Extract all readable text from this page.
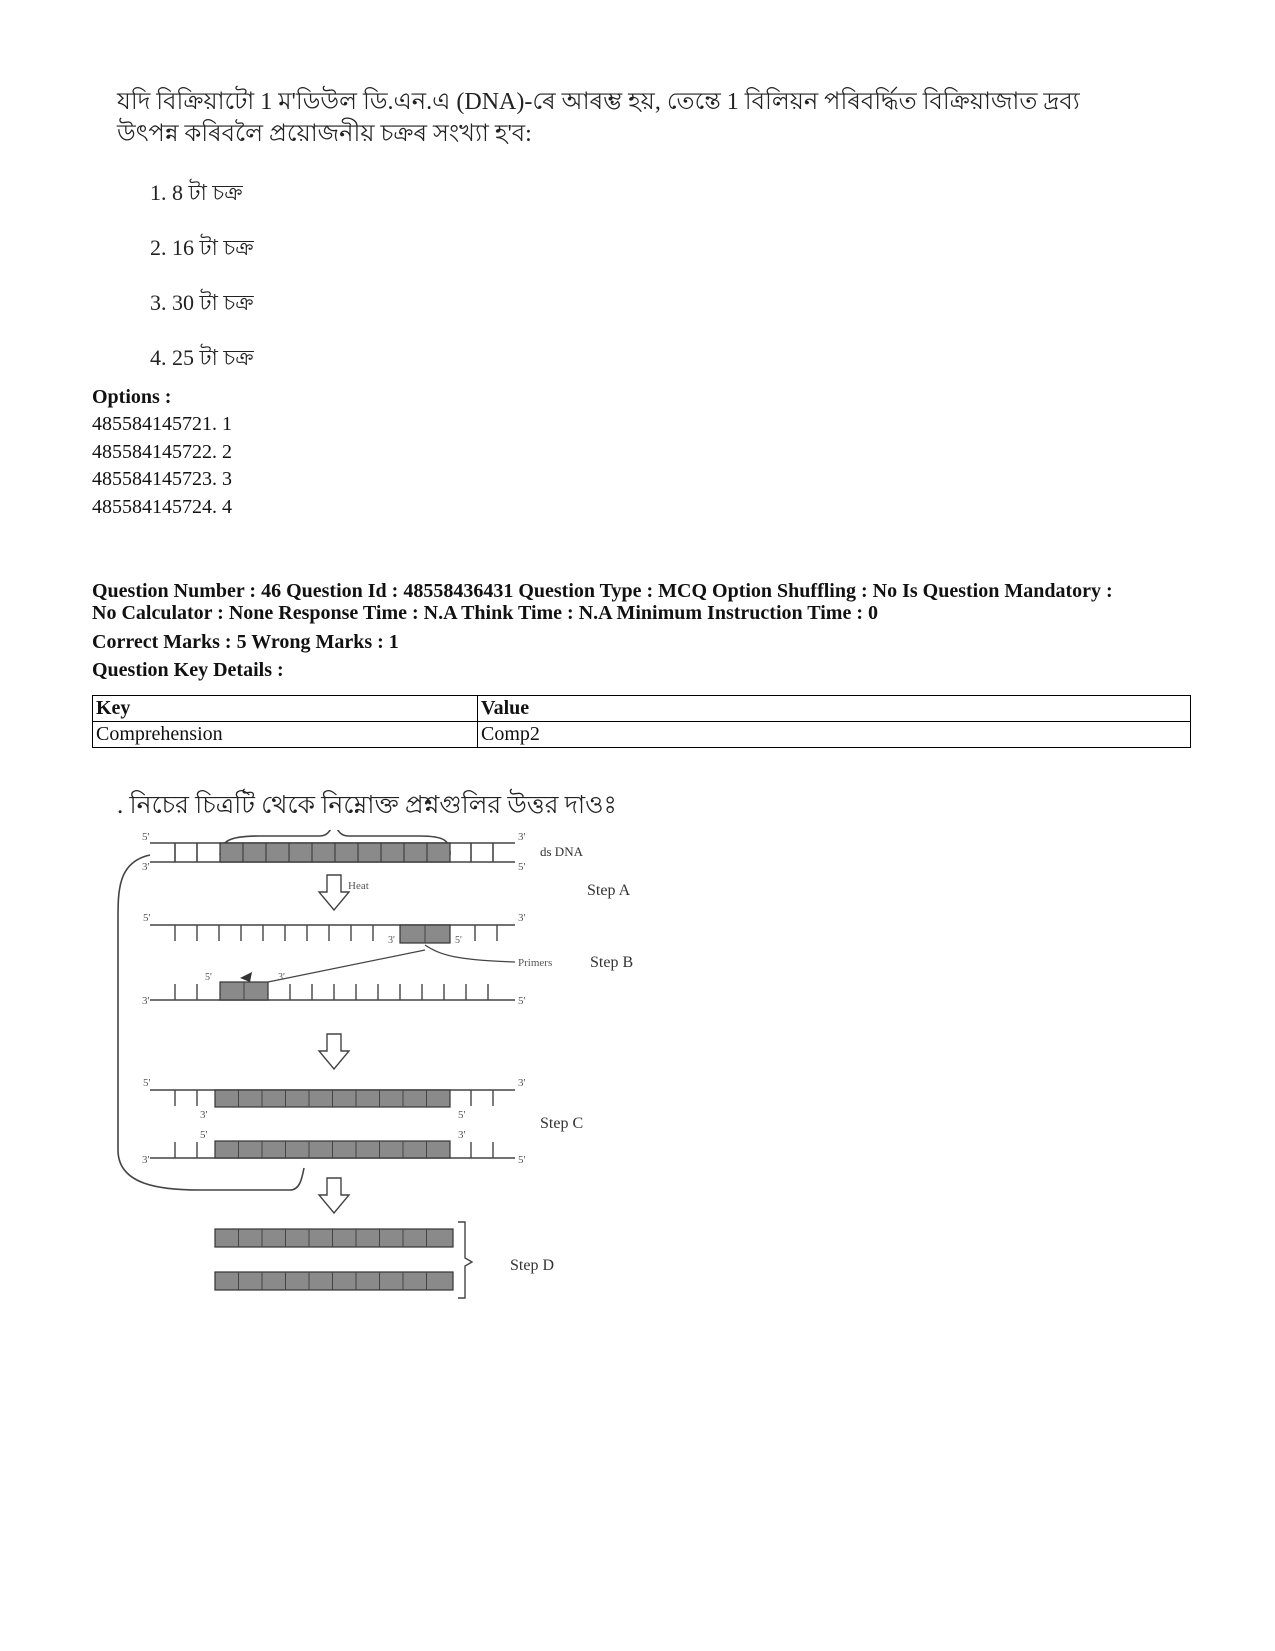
যদি বিক্রিয়াটো 1 ম'ডিউল ডি.এন.এ (DNA)-ৰে আৰম্ভ হয়, তেন্তে 1 বিলিয়ন পৰিবৰ্দ্ধিত বিক্রিয়াজাত দ্ৰব্য উৎপন্ন কৰিবলৈ প্ৰয়োজনীয় চক্রৰ সংখ্যা হ'ব:
1. 8 টা চক্র
2. 16 টা চক্র
3. 30 টা চক্র
4. 25 টা চক্র
Options :
485584145721. 1
485584145722. 2
485584145723. 3
485584145724. 4
Question Number : 46 Question Id : 48558436431 Question Type : MCQ Option Shuffling : No Is Question Mandatory :
No Calculator : None Response Time : N.A Think Time : N.A Minimum Instruction Time : 0
Correct Marks : 5 Wrong Marks : 1
Question Key Details :
Key	Value
Comprehension	Comp2
. নিচের চিত্রটি থেকে নিম্নোক্ত প্রশ্নগুলির উত্তর দাওঃ
5'
3'
3'
5'
ds DNA
Heat	Step A
5'	3'
3'	5'
Primers Step B
5'	3'
3'	5'
5'	3'
3'	5'
5'	3'
Step C
3'	5'
Step D
